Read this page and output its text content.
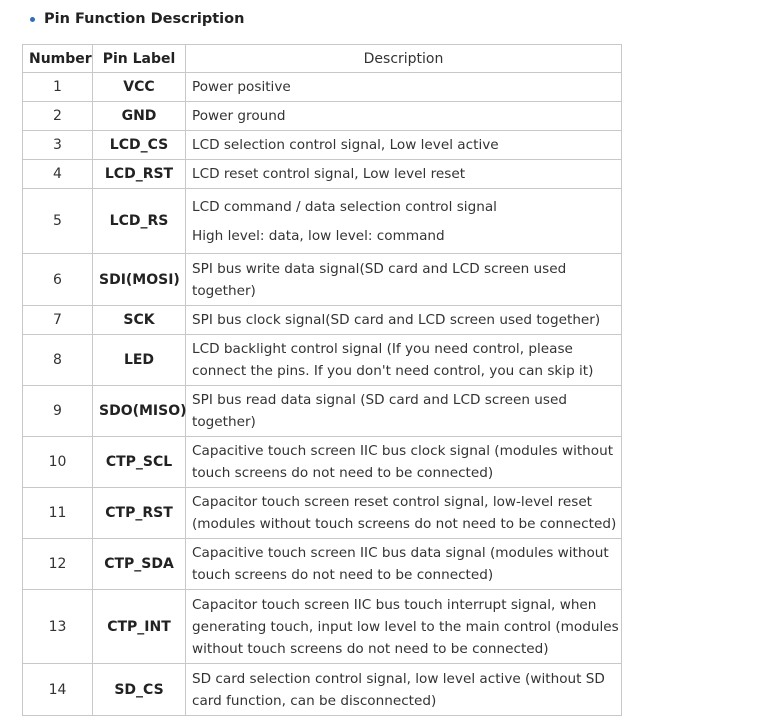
Pin Function Description
Number	Pin Label	Description
1	VCC	Power positive

2	GND	Power ground

3	LCD_CS	LCD selection control signal, Low level active

4	LCD_RST	LCD reset control signal, Low level reset

5	LCD_RS	LCD command / data selection control signal
High level: data, low level: command

6	SDI(MOSI)	SPI bus write data signal(SD card and LCD screen used
together)

7	SCK	SPI bus clock signal(SD card and LCD screen used together)

8	LED	LCD backlight control signal (If you need control, please
connect the pins. If you don't need control, you can skip it)

9	SDO(MISO)	SPI bus read data signal (SD card and LCD screen used
together)

10	CTP_SCL	Capacitive touch screen IIC bus clock signal (modules without
touch screens do not need to be connected)

11	CTP_RST	Capacitor touch screen reset control signal, low-level reset
(modules without touch screens do not need to be connected)

12	CTP_SDA	Capacitive touch screen IIC bus data signal (modules without
touch screens do not need to be connected)

13	CTP_INT	Capacitor touch screen IIC bus touch interrupt signal, when
generating touch, input low level to the main control (modules
without touch screens do not need to be connected)

14	SD_CS	SD card selection control signal, low level active (without SD
card function, can be disconnected)
